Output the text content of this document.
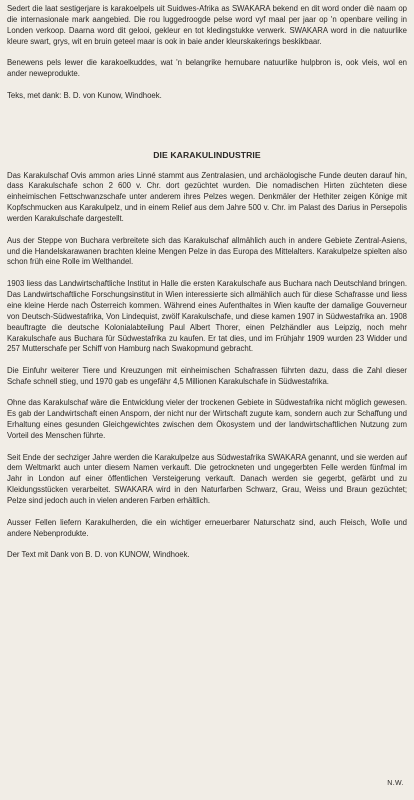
Sedert die laat sestigerjare is karakoelpels uit Suidwes-Afrika as SWAKARA bekend en dit word onder diè naam op die internasionale mark aangebied. Die rou luggedroogde pelse word vyf maal per jaar op 'n openbare veiling in Londen verkoop. Daarna word dit gelooi, gekleur en tot kledingstukke verwerk. SWAKARA word in die natuurlike kleure swart, grys, wit en bruin geteel maar is ook in baie ander kleurskakerings beskikbaar.

Benewens pels lewer die karakoelkuddes, wat 'n belangrike hernubare natuurlike hulpbron is, ook vleis, wol en ander neweprodukte.

Teks, met dank: B. D. von Kunow, Windhoek.

DIE KARAKULINDUSTRIE

Das Karakulschaf Ovis ammon aries Linné stammt aus Zentralasien, und archäologische Funde deuten darauf hin, dass Karakulschafe schon 2 600 v. Chr. dort gezüchtet wurden. Die nomadischen Hirten züchteten diese einheimischen Fettschwanzschafe unter anderem ihres Pelzes wegen. Denkmäler der Hethiter zeigen Könige mit Kopfschmucken aus Karakulpelz, und in einem Relief aus dem Jahre 500 v. Chr. im Palast des Darius in Persepolis werden Karakulschafe dargestellt.

Aus der Steppe von Buchara verbreitete sich das Karakulschaf allmählich auch in andere Gebiete Zentral-Asiens, und die Handelskarawanen brachten kleine Mengen Pelze in das Europa des Mittelalters. Karakulpelze spielten also schon früh eine Rolle im Welthandel.

1903 liess das Landwirtschaftliche Institut in Halle die ersten Karakulschafe aus Buchara nach Deutschland bringen. Das Landwirtschaftliche Forschungsinstitut in Wien interessierte sich allmählich auch für diese Schafrasse und liess eine kleine Herde nach Österreich kommen. Während eines Aufenthaltes in Wien kaufte der damalige Gouverneur von Deutsch-Südwestafrika, Von Lindequist, zwölf Karakulschafe, und diese kamen 1907 in Südwestafrika an. 1908 beauftragte die deutsche Kolonialabteilung Paul Albert Thorer, einen Pelzhändler aus Leipzig, noch mehr Karakulschafe aus Buchara für Südwestafrika zu kaufen. Er tat dies, und im Frühjahr 1909 wurden 23 Widder und 257 Mutterschafe per Schiff von Hamburg nach Swakopmund gebracht.

Die Einfuhr weiterer Tiere und Kreuzungen mit einheimischen Schafrassen führten dazu, dass die Zahl dieser Schafe schnell stieg, und 1970 gab es ungefähr 4,5 Millionen Karakulschafe in Südwestafrika.

Ohne das Karakulschaf wäre die Entwicklung vieler der trockenen Gebiete in Südwestafrika nicht möglich gewesen. Es gab der Landwirtschaft einen Ansporn, der nicht nur der Wirtschaft zugute kam, sondern auch zur Schaffung und Erhaltung eines gesunden Gleichgewichtes zwischen dem Ökosystem und der landwirtschaftlichen Nutzung zum Vorteil des Menschen führte.

Seit Ende der sechziger Jahre werden die Karakulpelze aus Südwestafrika SWAKARA genannt, und sie werden auf dem Weltmarkt auch unter diesem Namen verkauft. Die getrockneten und ungegerbten Felle werden fünfmal im Jahr in London auf einer öffentlichen Versteigerung verkauft. Danach werden sie gegerbt, gefärbt und zu Kleidungsstücken verarbeitet. SWAKARA wird in den Naturfarben Schwarz, Grau, Weiss und Braun gezüchtet; Pelze sind jedoch auch in vielen anderen Farben erhältlich.

Ausser Fellen liefern Karakulherden, die ein wichtiger erneuerbarer Naturschatz sind, auch Fleisch, Wolle und andere Nebenprodukte.

Der Text mit Dank von B. D. von KUNOW, Windhoek.

N.W.
